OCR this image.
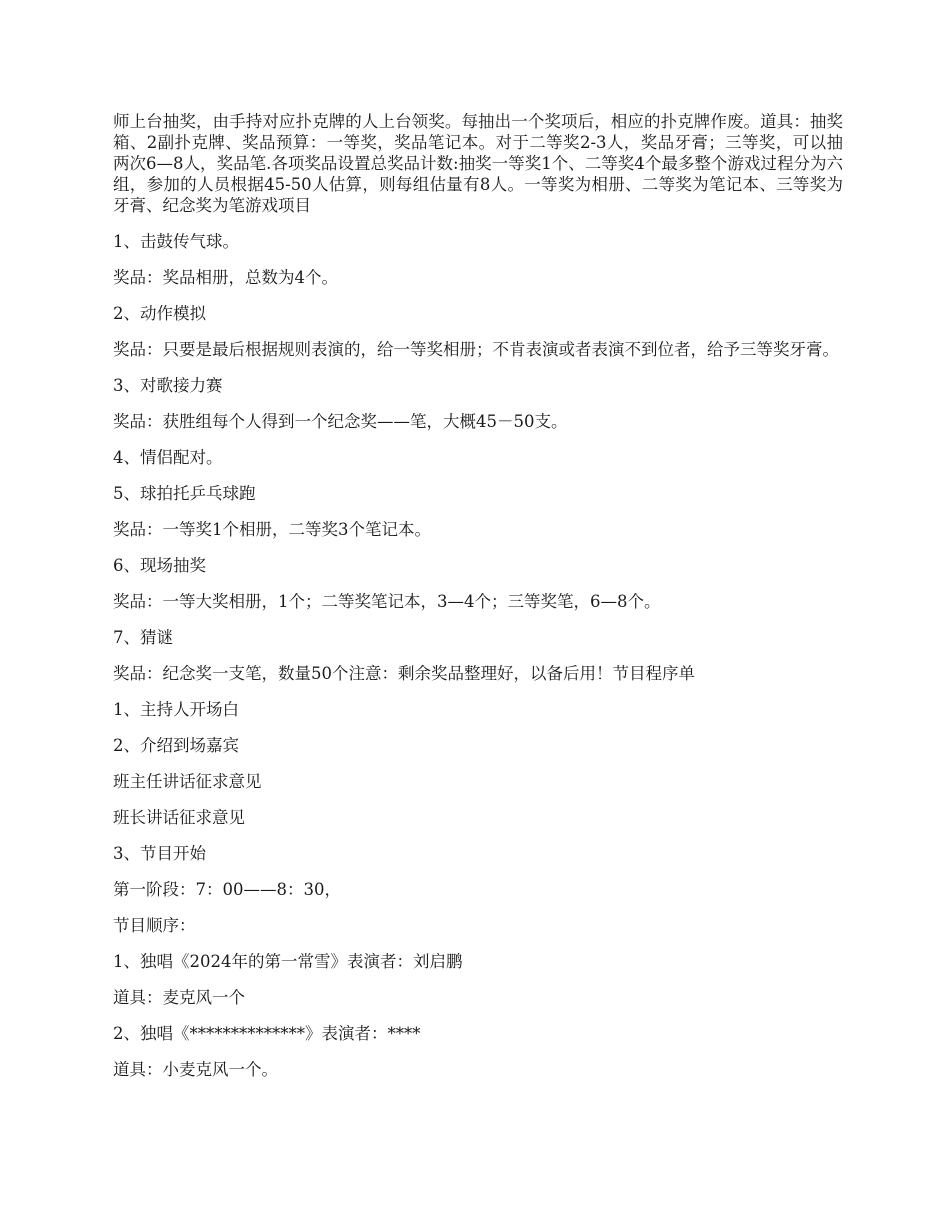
师上台抽奖，由手持对应扑克牌的人上台领奖。每抽出一个奖项后，相应的扑克牌作废。道具：抽奖箱、2副扑克牌、奖品预算：一等奖，奖品笔记本。对于二等奖2-3人，奖品牙膏；三等奖，可以抽两次6—8人，奖品笔.各项奖品设置总奖品计数:抽奖一等奖1个、二等奖4个最多整个游戏过程分为六组，参加的人员根据45-50人估算，则每组估量有8人。一等奖为相册、二等奖为笔记本、三等奖为牙膏、纪念奖为笔游戏项目

1、击鼓传气球。

奖品：奖品相册，总数为4个。

2、动作模拟

奖品：只要是最后根据规则表演的，给一等奖相册；不肯表演或者表演不到位者，给予三等奖牙膏。

3、对歌接力赛

奖品：获胜组每个人得到一个纪念奖——笔，大概45－50支。

4、情侣配对。

5、球拍托乒乓球跑

奖品：一等奖1个相册，二等奖3个笔记本。

6、现场抽奖

奖品：一等大奖相册，1个；二等奖笔记本，3—4个；三等奖笔，6—8个。

7、猜谜

奖品：纪念奖一支笔，数量50个注意：剩余奖品整理好，以备后用！节目程序单

1、主持人开场白

2、介绍到场嘉宾

班主任讲话征求意见

班长讲话征求意见

3、节目开始

第一阶段：7：00——8：30，

节目顺序：

1、独唱《2024年的第一常雪》表演者：刘启鹏

道具：麦克风一个

2、独唱《**************》表演者：****

道具：小麦克风一个。
